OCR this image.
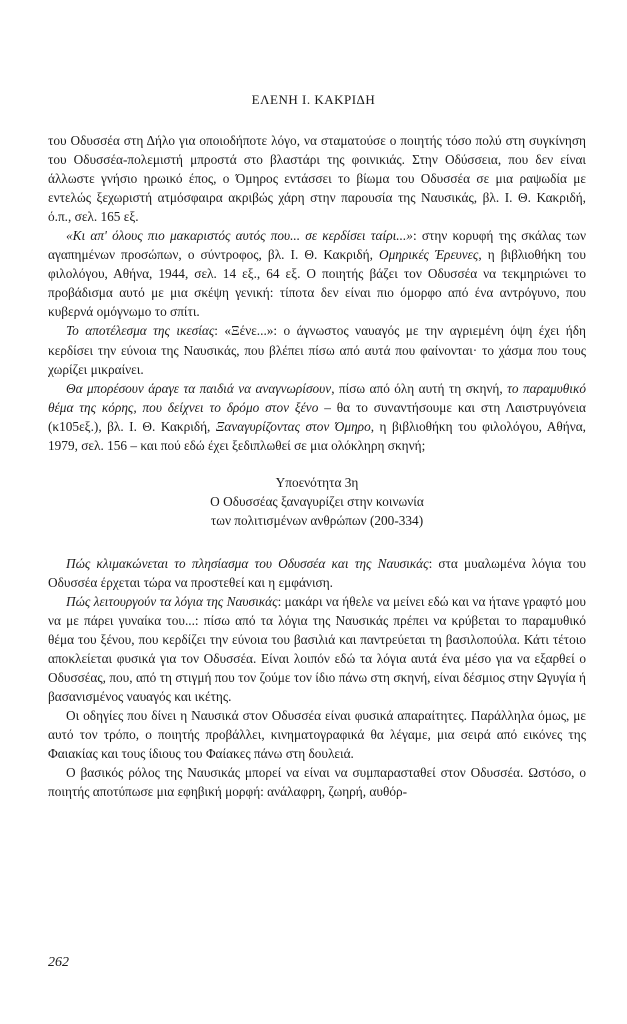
ΕΛΕΝΗ Ι. ΚΑΚΡΙΔΗ

του Οδυσσέα στη Δήλο για οποιοδήποτε λόγο, να σταματούσε ο ποιητής τόσο πολύ στη συγκίνηση του Οδυσσέα-πολεμιστή μπροστά στο βλαστάρι της φοινικιάς. Στην Οδύσσεια, που δεν είναι άλλωστε γνήσιο ηρωικό έπος, ο Όμηρος εντάσσει το βίωμα του Οδυσσέα σε μια ραψωδία με εντελώς ξεχωριστή ατμόσφαιρα ακριβώς χάρη στην παρουσία της Ναυσικάς, βλ. Ι. Θ. Κακριδή, ό.π., σελ. 165 εξ.

«Κι απ' όλους πιο μακαριστός αυτός που... σε κερδίσει ταίρι...»: στην κορυφή της σκάλας των αγαπημένων προσώπων, ο σύντροφος, βλ. Ι. Θ. Κακριδή, Ομηρικές Έρευνες, η βιβλιοθήκη του φιλολόγου, Αθήνα, 1944, σελ. 14 εξ., 64 εξ. Ο ποιητής βάζει τον Οδυσσέα να τεκμηριώνει το προβάδισμα αυτό με μια σκέψη γενική: τίποτα δεν είναι πιο όμορφο από ένα αντρόγυνο, που κυβερνά ομόγνωμο το σπίτι.

Το αποτέλεσμα της ικεσίας: «Ξένε...»: ο άγνωστος ναυαγός με την αγριεμένη όψη έχει ήδη κερδίσει την εύνοια της Ναυσικάς, που βλέπει πίσω από αυτά που φαίνονται· το χάσμα που τους χωρίζει μικραίνει.

Θα μπορέσουν άραγε τα παιδιά να αναγνωρίσουν, πίσω από όλη αυτή τη σκηνή, το παραμυθικό θέμα της κόρης, που δείχνει το δρόμο στον ξένο – θα το συναντήσουμε και στη Λαιστρυγόνεια (κ105εξ.), βλ. Ι. Θ. Κακριδή, Ξαναγυρίζοντας στον Όμηρο, η βιβλιοθήκη του φιλολόγου, Αθήνα, 1979, σελ. 156 – και πού εδώ έχει ξεδιπλωθεί σε μια ολόκληρη σκηνή;

Υποενότητα 3η
Ο Οδυσσέας ξαναγυρίζει στην κοινωνία
των πολιτισμένων ανθρώπων (200-334)

Πώς κλιμακώνεται το πλησίασμα του Οδυσσέα και της Ναυσικάς: στα μυαλωμένα λόγια του Οδυσσέα έρχεται τώρα να προστεθεί και η εμφάνιση.

Πώς λειτουργούν τα λόγια της Ναυσικάς: μακάρι να ήθελε να μείνει εδώ και να ήτανε γραφτό μου να με πάρει γυναίκα του...: πίσω από τα λόγια της Ναυσικάς πρέπει να κρύβεται το παραμυθικό θέμα του ξένου, που κερδίζει την εύνοια του βασιλιά και παντρεύεται τη βασιλοπούλα. Κάτι τέτοιο αποκλείεται φυσικά για τον Οδυσσέα. Είναι λοιπόν εδώ τα λόγια αυτά ένα μέσο για να εξαρθεί ο Οδυσσέας, που, από τη στιγμή που τον ζούμε τον ίδιο πάνω στη σκηνή, είναι δέσμιος στην Ωγυγία ή βασανισμένος ναυαγός και ικέτης.

Οι οδηγίες που δίνει η Ναυσικά στον Οδυσσέα είναι φυσικά απαραίτητες. Παράλληλα όμως, με αυτό τον τρόπο, ο ποιητής προβάλλει, κινηματογραφικά θα λέγαμε, μια σειρά από εικόνες της Φαιακίας και τους ίδιους του Φαίακες πάνω στη δουλειά.

Ο βασικός ρόλος της Ναυσικάς μπορεί να είναι να συμπαρασταθεί στον Οδυσσέα. Ωστόσο, ο ποιητής αποτύπωσε μια εφηβική μορφή: ανάλαφρη, ζωηρή, αυθόρ-

262
